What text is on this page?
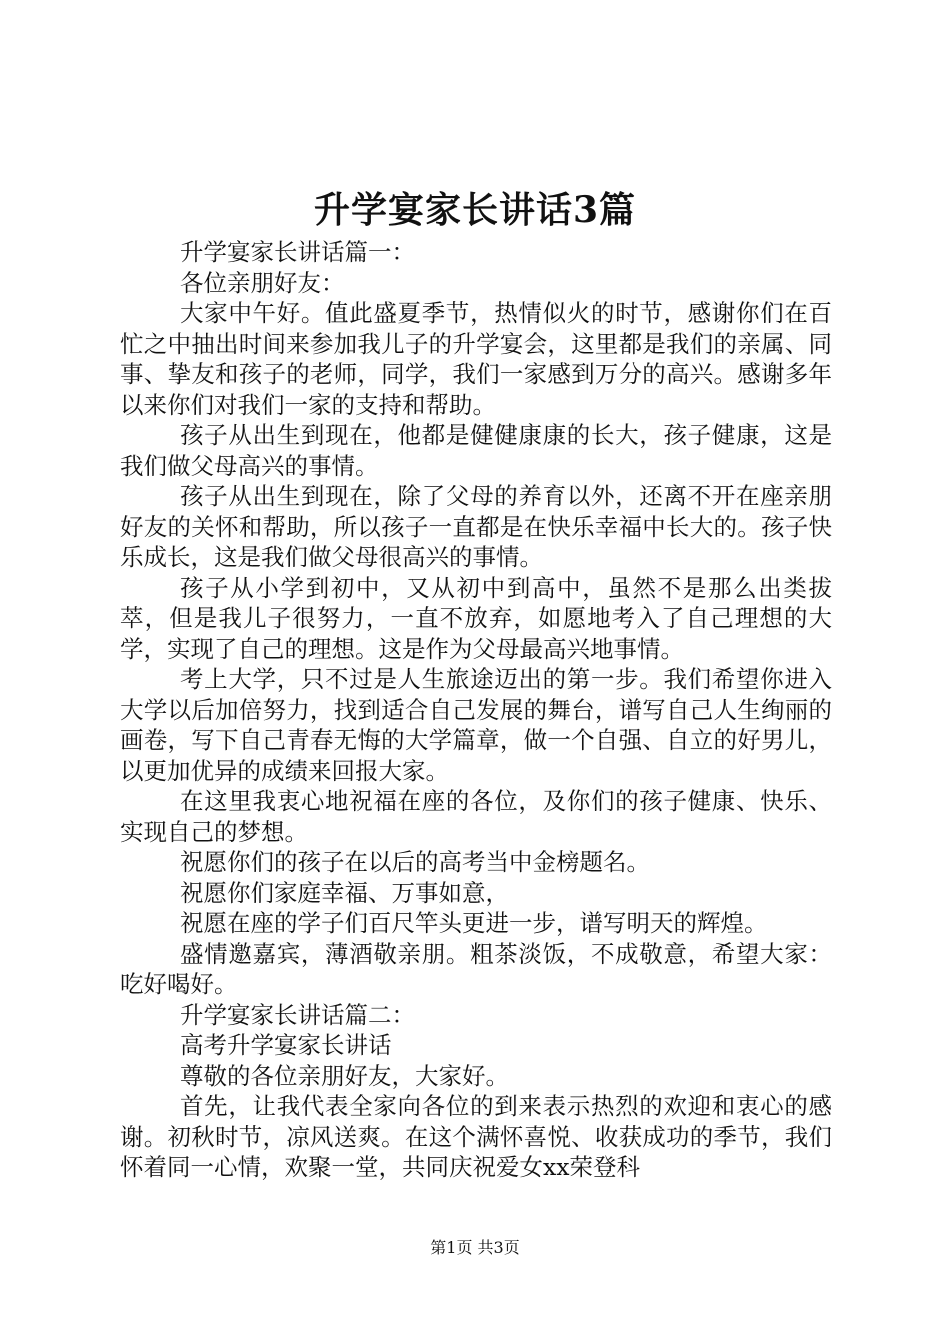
升学宴家长讲话3篇

升学宴家长讲话篇一：

各位亲朋好友：

大家中午好。值此盛夏季节，热情似火的时节，感谢你们在百忙之中抽出时间来参加我儿子的升学宴会，这里都是我们的亲属、同事、挚友和孩子的老师，同学，我们一家感到万分的高兴。感谢多年以来你们对我们一家的支持和帮助。

孩子从出生到现在，他都是健健康康的长大，孩子健康，这是我们做父母高兴的事情。

孩子从出生到现在，除了父母的养育以外，还离不开在座亲朋好友的关怀和帮助，所以孩子一直都是在快乐幸福中长大的。孩子快乐成长，这是我们做父母很高兴的事情。

孩子从小学到初中，又从初中到高中，虽然不是那么出类拔萃，但是我儿子很努力，一直不放弃，如愿地考入了自己理想的大学，实现了自己的理想。这是作为父母最高兴地事情。

考上大学，只不过是人生旅途迈出的第一步。我们希望你进入大学以后加倍努力，找到适合自己发展的舞台，谱写自己人生绚丽的画卷，写下自己青春无悔的大学篇章，做一个自强、自立的好男儿，以更加优异的成绩来回报大家。

在这里我衷心地祝福在座的各位，及你们的孩子健康、快乐、实现自己的梦想。

祝愿你们的孩子在以后的高考当中金榜题名。

祝愿你们家庭幸福、万事如意，

祝愿在座的学子们百尺竿头更进一步，谱写明天的辉煌。

盛情邀嘉宾，薄酒敬亲朋。粗茶淡饭，不成敬意，希望大家：吃好喝好。

升学宴家长讲话篇二：

高考升学宴家长讲话

尊敬的各位亲朋好友，大家好。

首先，让我代表全家向各位的到来表示热烈的欢迎和衷心的感谢。初秋时节，凉风送爽。在这个满怀喜悦、收获成功的季节，我们怀着同一心情，欢聚一堂，共同庆祝爱女xx荣登科

第1页 共3页
